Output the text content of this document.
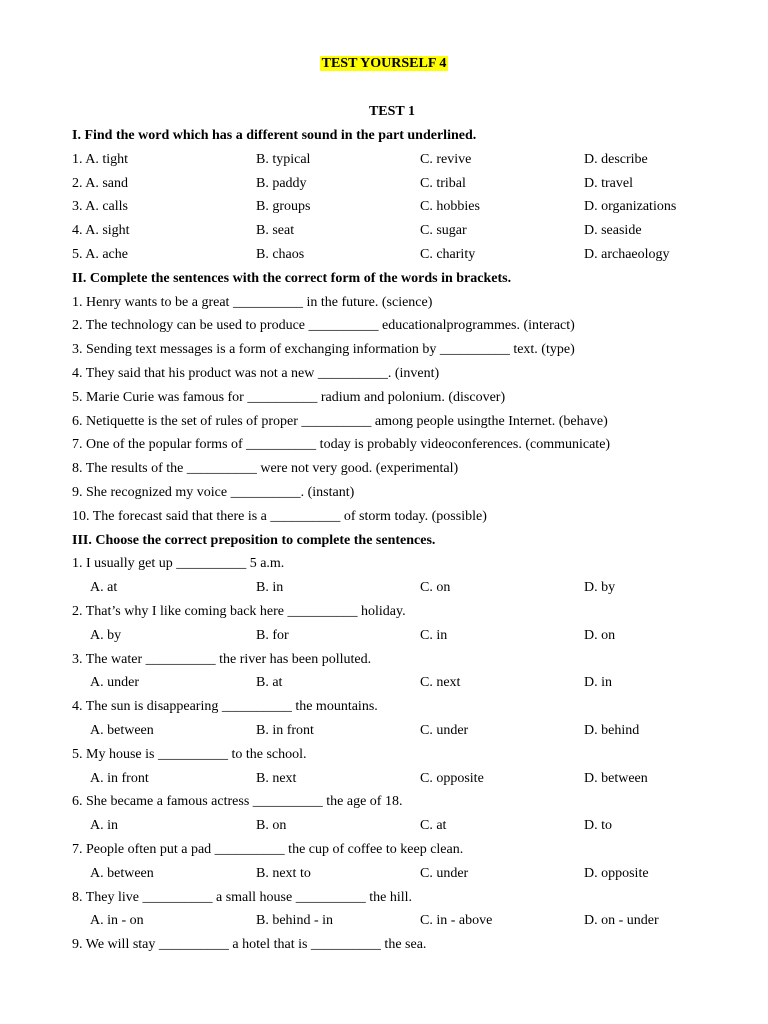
TEST YOURSELF 4
TEST 1
I. Find the word which has a different sound in the part underlined.
1. A. tight	B. typical	C. revive	D. describe
2. A. sand	B. paddy	C. tribal	D. travel
3. A. calls	B. groups	C. hobbies	D. organizations
4. A. sight	B. seat	C. sugar	D. seaside
5. A. ache	B. chaos	C. charity	D. archaeology
II. Complete the sentences with the correct form of the words in brackets.
1. Henry wants to be a great __________ in the future. (science)
2. The technology can be used to produce __________ educationalprogrammes. (interact)
3. Sending text messages is a form of exchanging information by __________ text. (type)
4. They said that his product was not a new __________. (invent)
5. Marie Curie was famous for __________ radium and polonium. (discover)
6. Netiquette is the set of rules of proper __________ among people usingthe Internet. (behave)
7. One of the popular forms of __________ today is probably videoconferences. (communicate)
8. The results of the __________ were not very good. (experimental)
9. She recognized my voice __________. (instant)
10. The forecast said that there is a __________ of storm today. (possible)
III. Choose the correct preposition to complete the sentences.
1. I usually get up __________ 5 a.m.
A. at	B. in	C. on	D. by
2. That’s why I like coming back here __________ holiday.
A. by	B. for	C. in	D. on
3. The water __________ the river has been polluted.
A. under	B. at	C. next	D. in
4. The sun is disappearing __________ the mountains.
A. between	B. in front	C. under	D. behind
5. My house is __________ to the school.
A. in front	B. next	C. opposite	D. between
6. She became a famous actress __________ the age of 18.
A. in	B. on	C. at	D. to
7. People often put a pad __________ the cup of coffee to keep clean.
A. between	B. next to	C. under	D. opposite
8. They live __________ a small house __________ the hill.
A. in - on	B. behind - in	C. in - above	D. on - under
9. We will stay __________ a hotel that is __________ the sea.
